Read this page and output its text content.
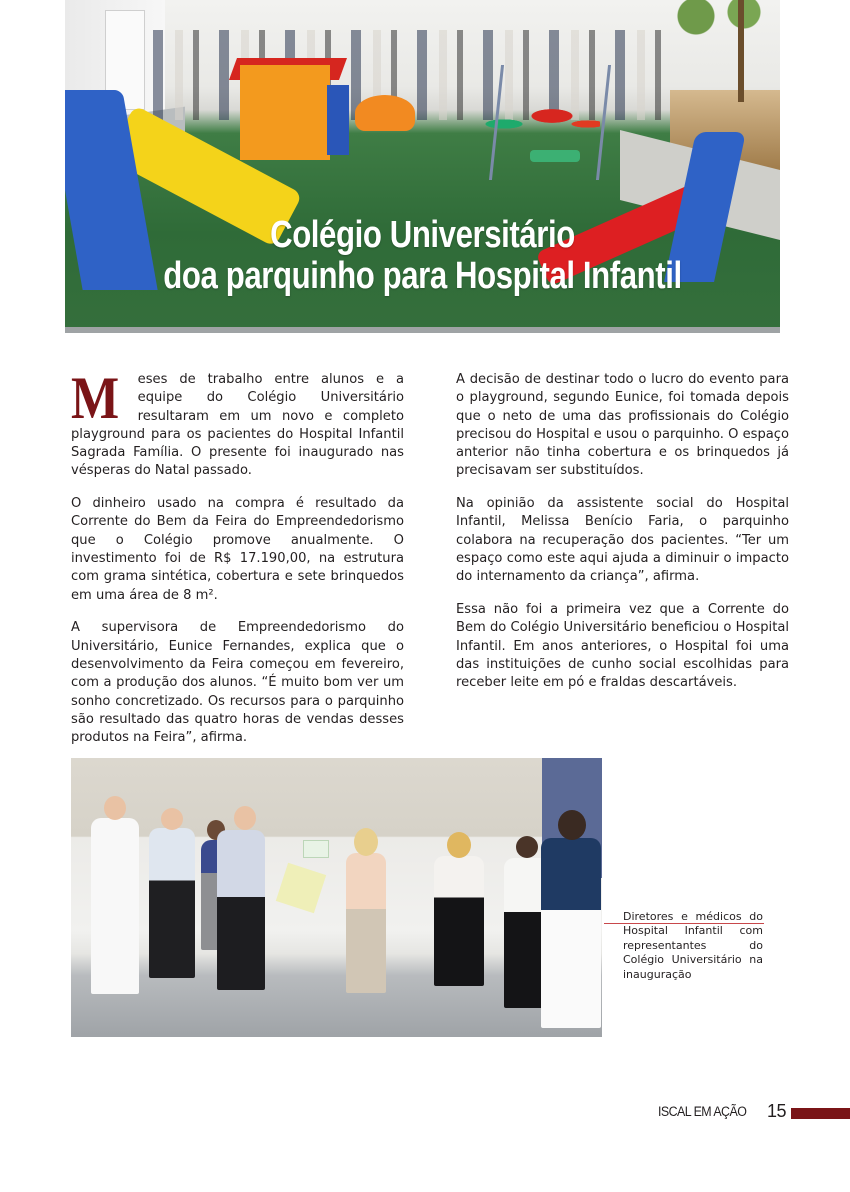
Colégio Universitário
doa parquinho para Hospital Infantil

M eses de trabalho entre alunos e a equipe do Colégio Universitário resultaram em um novo e completo playground para os pacientes do Hospital Infantil Sagrada Família. O presente foi inaugurado nas vésperas do Natal passado.

O dinheiro usado na compra é resultado da Corrente do Bem da Feira do Empreendedorismo que o Colégio promove anualmente. O investimento foi de R$ 17.190,00, na estrutura com grama sintética, cobertura e sete brinquedos em uma área de 8 m².

A supervisora de Empreendedorismo do Universitário, Eunice Fernandes, explica que o desenvolvimento da Feira começou em fevereiro, com a produção dos alunos. “É muito bom ver um sonho concretizado. Os recursos para o parquinho são resultado das quatro horas de vendas desses produtos na Feira”, afirma.

A decisão de destinar todo o lucro do evento para o playground, segundo Eunice, foi tomada depois que o neto de uma das profissionais do Colégio precisou do Hospital e usou o parquinho. O espaço anterior não tinha cobertura e os brinquedos já precisavam ser substituídos.

Na opinião da assistente social do Hospital Infantil, Melissa Benício Faria, o parquinho colabora na recuperação dos pacientes. “Ter um espaço como este aqui ajuda a diminuir o impacto do internamento da criança”, afirma.

Essa não foi a primeira vez que a Corrente do Bem do Colégio Universitário beneficiou o Hospital Infantil. Em anos anteriores, o Hospital foi uma das instituições de cunho social escolhidas para receber leite em pó e fraldas descartáveis.

Diretores e médicos do Hospital Infantil com representantes do Colégio Universitário na inauguração
ISCAL EM AÇÃO 15
